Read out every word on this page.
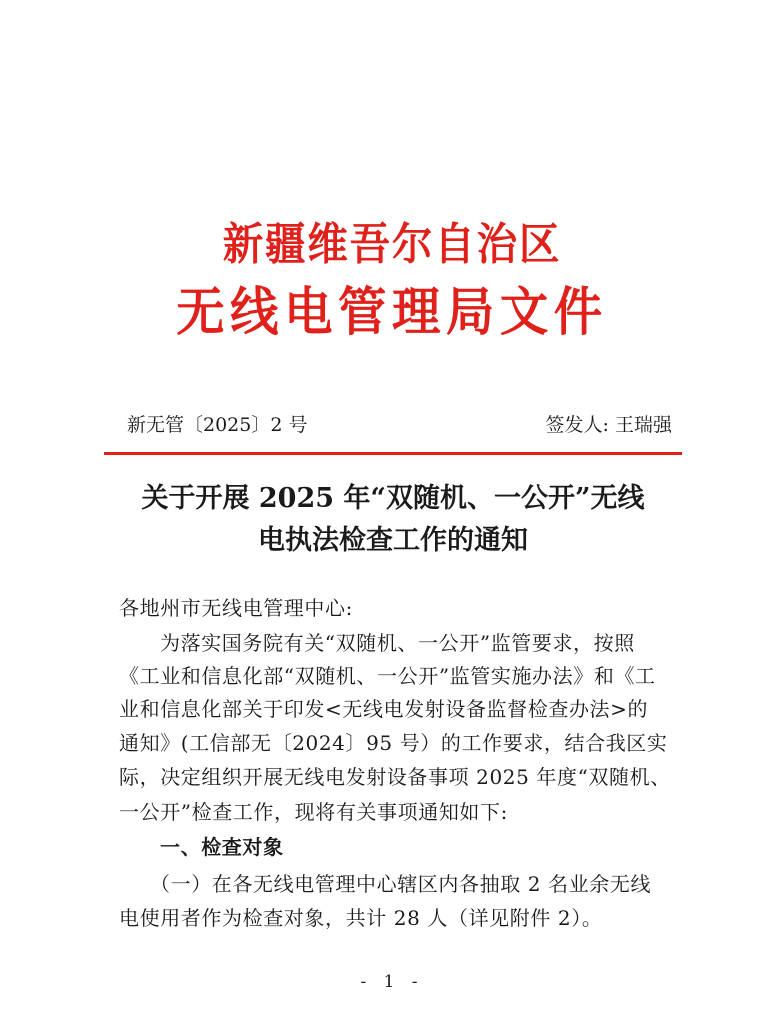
新疆维吾尔自治区
无线电管理局文件
新无管〔2025〕2 号	签发人: 王瑞强
关于开展 2025 年“双随机、一公开”无线
电执法检查工作的通知
各地州市无线电管理中心:
为落实国务院有关“双随机、一公开”监管要求，按照
《工业和信息化部“双随机、一公开”监管实施办法》和《工
业和信息化部关于印发<无线电发射设备监督检查办法>的
通知》(工信部无〔2024〕95 号）的工作要求，结合我区实
际，决定组织开展无线电发射设备事项 2025 年度“双随机、
一公开”检查工作，现将有关事项通知如下:
一、检查对象
（一）在各无线电管理中心辖区内各抽取 2 名业余无线
电使用者作为检查对象，共计 28 人（详见附件 2）。
- 1 -
